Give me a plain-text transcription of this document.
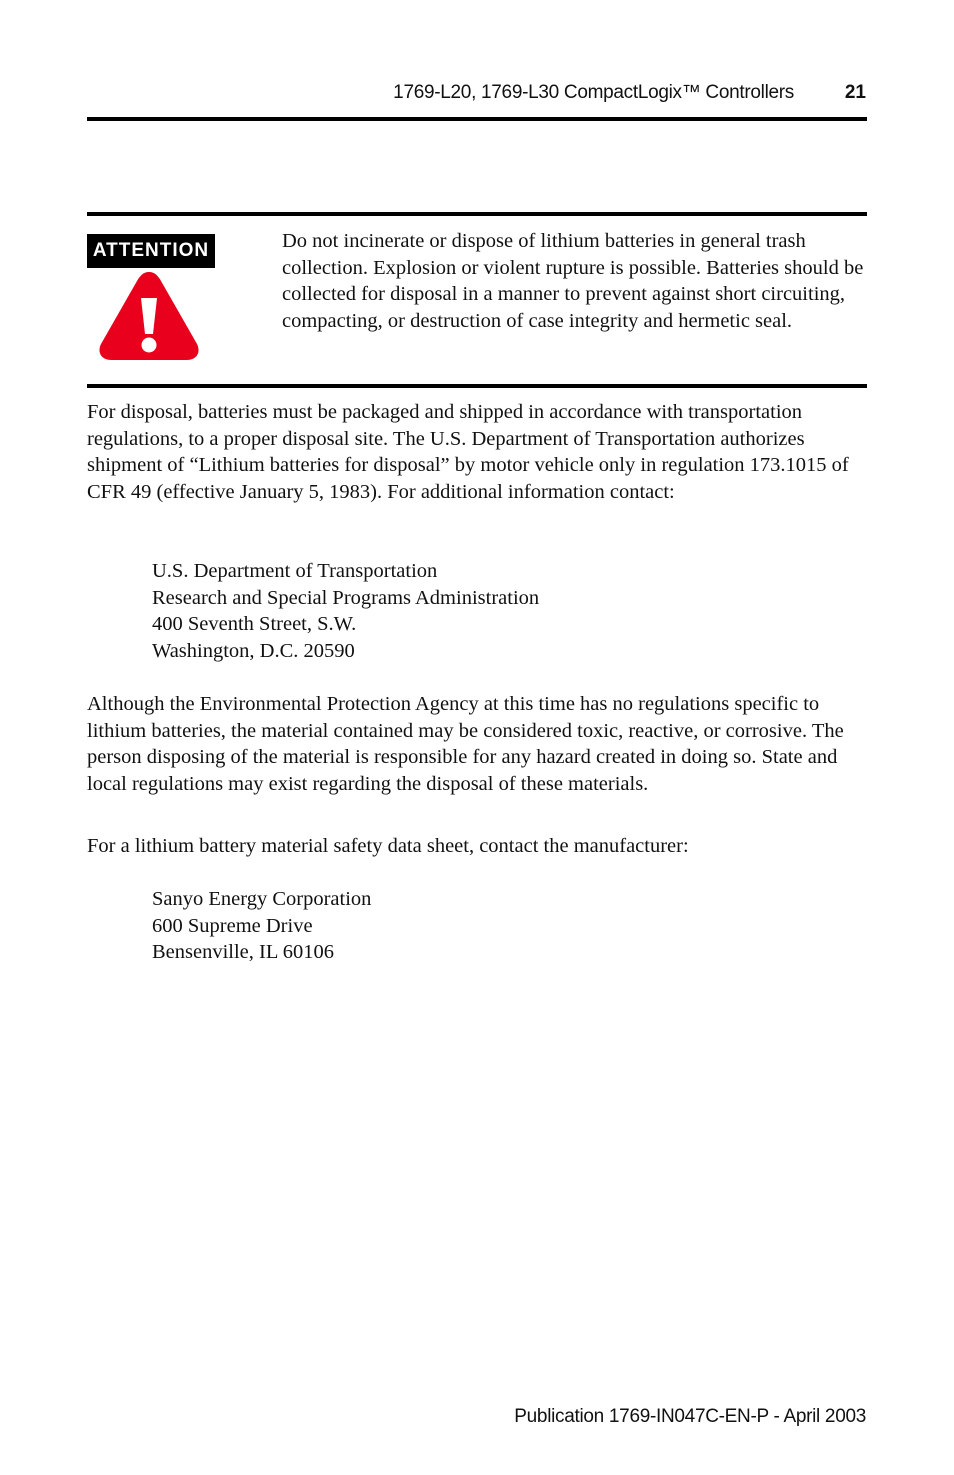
1769-L20, 1769-L30 CompactLogix™ Controllers	21
ATTENTION	Do not incinerate or dispose of lithium batteries in general trash collection. Explosion or violent rupture is possible. Batteries should be collected for disposal in a manner to prevent against short circuiting, compacting, or destruction of case integrity and hermetic seal.

For disposal, batteries must be packaged and shipped in accordance with transportation regulations, to a proper disposal site. The U.S. Department of Transportation authorizes shipment of “Lithium batteries for disposal” by motor vehicle only in regulation 173.1015 of CFR 49 (effective January 5, 1983). For additional information contact:

U.S. Department of Transportation
Research and Special Programs Administration
400 Seventh Street, S.W.
Washington, D.C. 20590

Although the Environmental Protection Agency at this time has no regulations specific to lithium batteries, the material contained may be considered toxic, reactive, or corrosive. The person disposing of the material is responsible for any hazard created in doing so. State and local regulations may exist regarding the disposal of these materials.

For a lithium battery material safety data sheet, contact the manufacturer:

Sanyo Energy Corporation
600 Supreme Drive
Bensenville, IL 60106
Publication 1769-IN047C-EN-P - April 2003
